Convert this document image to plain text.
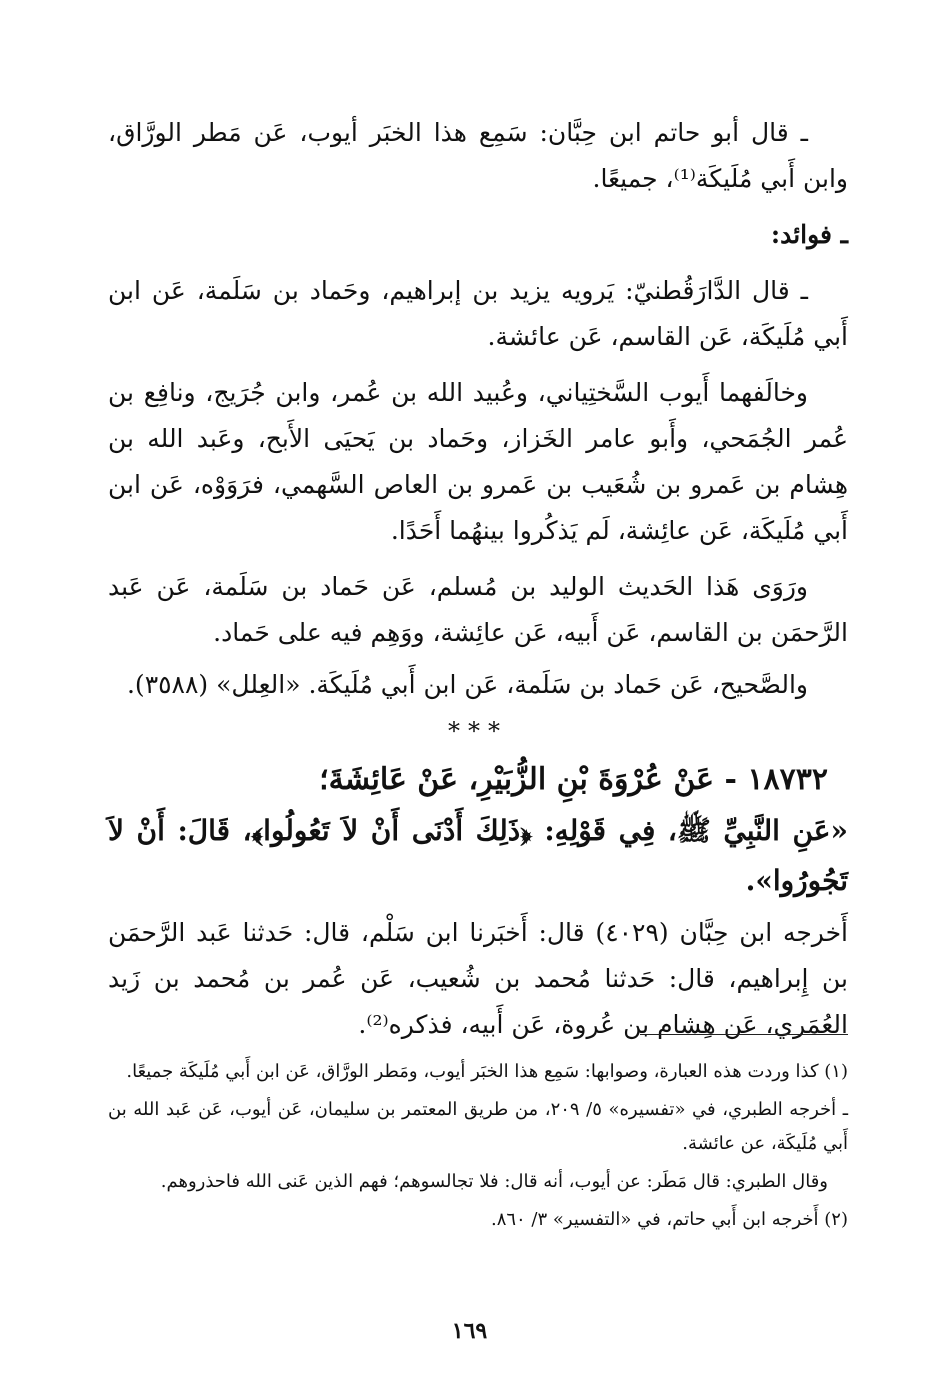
ـ قال أبو حاتم ابن حِبَّان: سَمِع هذا الخبَر أيوب، عَن مَطر الورَّاق، وابن أَبي مُلَيكَة⁽¹⁾، جميعًا.

ـ فوائد:

ـ قال الدَّارَقُطنيّ: يَرويه يزيد بن إبراهيم، وحَماد بن سَلَمة، عَن ابن أَبي مُلَيكَة، عَن القاسم، عَن عائشة.

وخالَفهما أَيوب السَّختِياني، وعُبيد الله بن عُمر، وابن جُرَيج، ونافِع بن عُمر الجُمَحي، وأَبو عامر الخَزاز، وحَماد بن يَحيَى الأَبح، وعَبد الله بن هِشام بن عَمرو بن شُعَيب بن عَمرو بن العاص السَّهمي، فرَوَوْه، عَن ابن أَبي مُلَيكَة، عَن عائِشة، لَم يَذكُروا بينهُما أَحَدًا.

ورَوَى هَذا الحَديث الوليد بن مُسلم، عَن حَماد بن سَلَمة، عَن عَبد الرَّحمَن بن القاسم، عَن أَبيه، عَن عائِشة، ووَهِم فيه على حَماد.

والصَّحيح، عَن حَماد بن سَلَمة، عَن ابن أَبي مُلَيكَة. «العِلل» (٣٥٨٨).

***

١٨٧٣٢ - عَنْ عُرْوَةَ بْنِ الزُّبَيْرِ، عَنْ عَائِشَةَ؛

«عَنِ النَّبِيِّ ﷺ، فِي قَوْلِهِ: ﴿ذَلِكَ أَدْنَى أَنْ لاَ تَعُولُوا﴾، قَالَ: أَنْ لاَ تَجُورُوا».

أَخرجه ابن حِبَّان (٤٠٢٩) قال: أَخبَرنا ابن سَلْم، قال: حَدثنا عَبد الرَّحمَن بن إِبراهيم، قال: حَدثنا مُحمد بن شُعيب، عَن عُمر بن مُحمد بن زَيد العُمَري، عَن هِشام بن عُروة، عَن أَبيه، فذكره⁽²⁾.

(١) كذا وردت هذه العبارة، وصوابها: سَمِع هذا الخبَر أيوب، ومَطر الورَّاق، عَن ابن أَبي مُلَيكَة جميعًا.

ـ أخرجه الطبري، في «تفسيره» ٥/ ٢٠٩، من طريق المعتمر بن سليمان، عَن أيوب، عَن عَبد الله بن أَبي مُلَيكَة، عن عائشة.

وقال الطبري: قال مَطَر: عن أيوب، أنه قال: فلا تجالسوهم؛ فهم الذين عَنى الله فاحذروهم.

(٢) أَخرجه ابن أَبي حاتم، في «التفسير» ٣/ ٨٦٠.

١٦٩
